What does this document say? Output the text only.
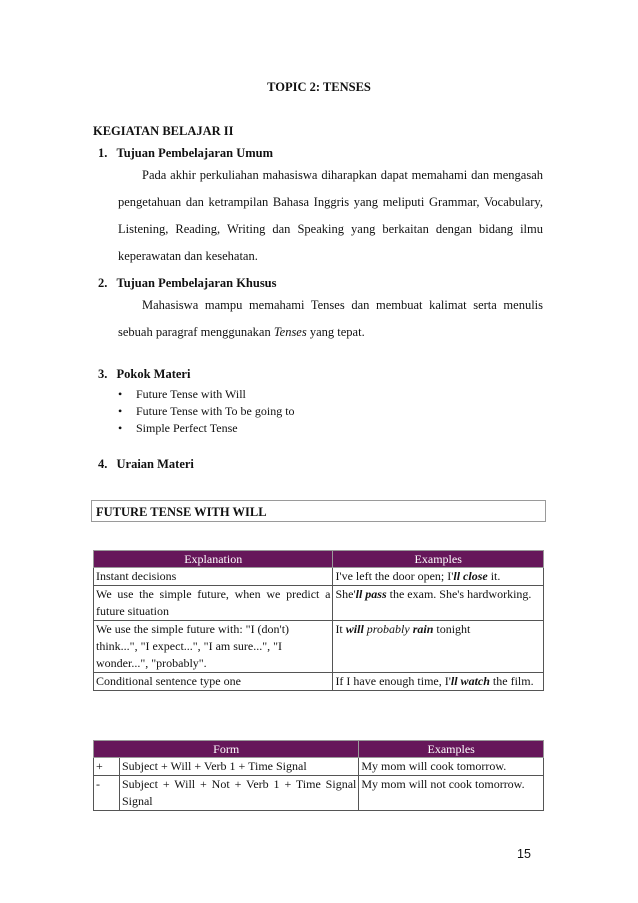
TOPIC 2: TENSES
KEGIATAN BELAJAR II
1. Tujuan Pembelajaran Umum
Pada akhir perkuliahan mahasiswa diharapkan dapat memahami dan mengasah pengetahuan dan ketrampilan Bahasa Inggris yang meliputi Grammar, Vocabulary, Listening, Reading, Writing dan Speaking yang berkaitan dengan bidang ilmu keperawatan dan kesehatan.
2. Tujuan Pembelajaran Khusus
Mahasiswa mampu memahami Tenses dan membuat kalimat serta menulis sebuah paragraf menggunakan Tenses yang tepat.
3. Pokok Materi
• Future Tense with Will
• Future Tense with To be going to
• Simple Perfect Tense
4. Uraian Materi
FUTURE TENSE WITH WILL
Explanation	Examples
Instant decisions	I've left the door open; I'll close it.
We use the simple future, when we predict a future situation	She'll pass the exam. She's hardworking.
We use the simple future with: "I (don't) think...", "I expect...", "I am sure...", "I wonder...", "probably".	It will probably rain tonight
Conditional sentence type one	If I have enough time, I'll watch the film.
Form		Examples
+	Subject + Will + Verb 1 + Time Signal	My mom will cook tomorrow.
-	Subject + Will + Not + Verb 1 + Time Signal Signal	My mom will not cook tomorrow.
15
